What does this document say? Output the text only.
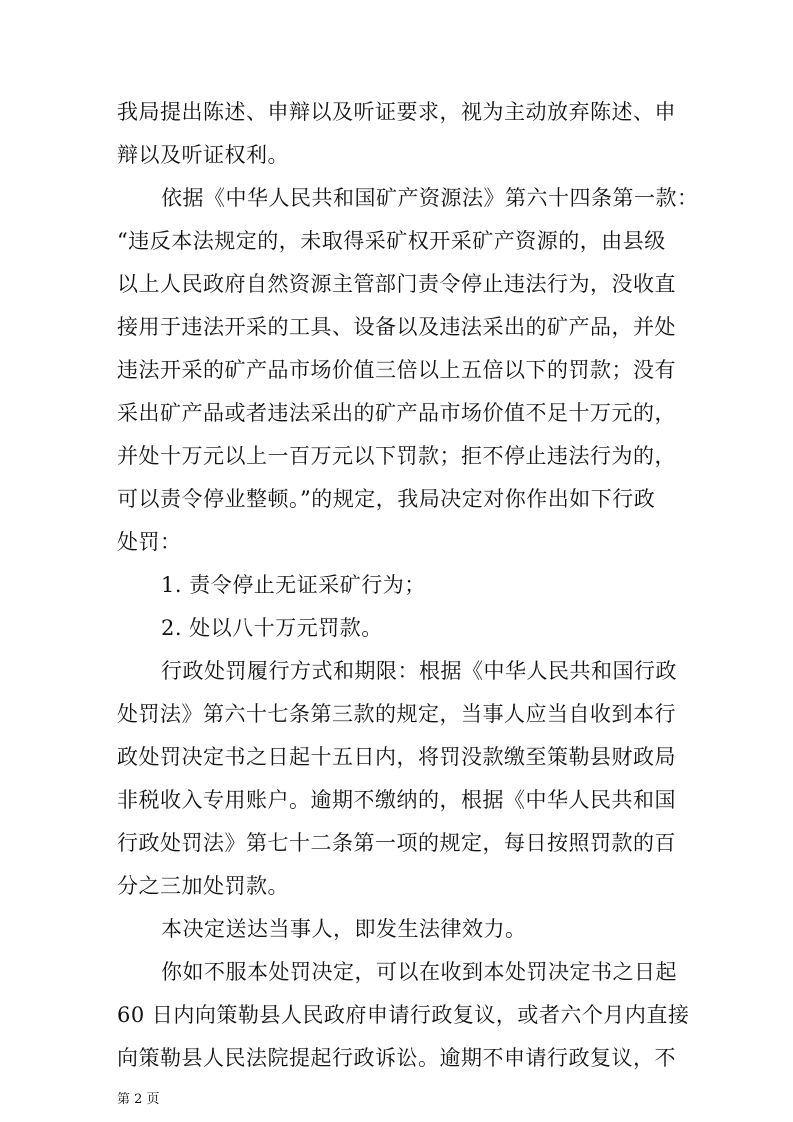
我局提出陈述、申辩以及听证要求，视为主动放弃陈述、申
辩以及听证权利。
依据《中华人民共和国矿产资源法》第六十四条第一款：
“违反本法规定的，未取得采矿权开采矿产资源的，由县级
以上人民政府自然资源主管部门责令停止违法行为，没收直
接用于违法开采的工具、设备以及违法采出的矿产品，并处
违法开采的矿产品市场价值三倍以上五倍以下的罚款；没有
采出矿产品或者违法采出的矿产品市场价值不足十万元的，
并处十万元以上一百万元以下罚款；拒不停止违法行为的，
可以责令停业整顿。”的规定，我局决定对你作出如下行政
处罚：
1. 责令停止无证采矿行为；
2. 处以八十万元罚款。
行政处罚履行方式和期限：根据《中华人民共和国行政
处罚法》第六十七条第三款的规定，当事人应当自收到本行
政处罚决定书之日起十五日内，将罚没款缴至策勒县财政局
非税收入专用账户。逾期不缴纳的，根据《中华人民共和国
行政处罚法》第七十二条第一项的规定，每日按照罚款的百
分之三加处罚款。
本决定送达当事人，即发生法律效力。
你如不服本处罚决定，可以在收到本处罚决定书之日起
60 日内向策勒县人民政府申请行政复议，或者六个月内直接
向策勒县人民法院提起行政诉讼。逾期不申请行政复议，不
第 2 页
